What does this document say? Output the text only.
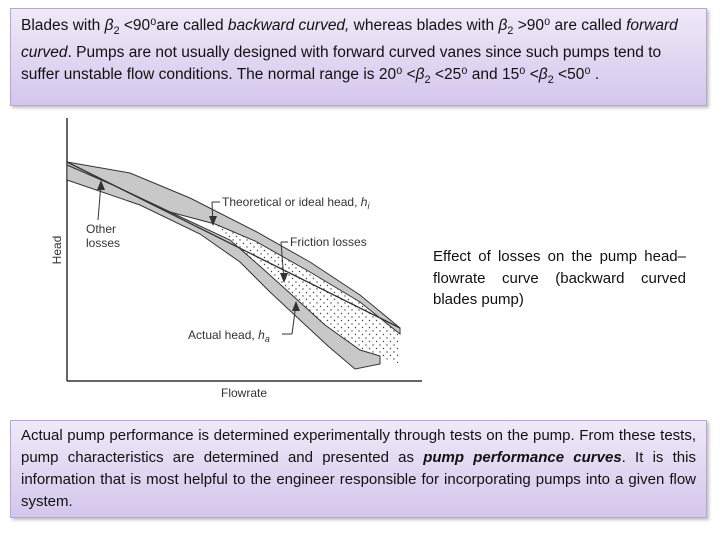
Blades with $\beta_2 <90^0are$ called backward curved, whereas blades with $\beta_2 >90^0$ are called forward curved. Pumps are not usually designed with forward curved vanes since such pumps tend to suffer unstable flow conditions. The normal range is $20^0 <\beta_2 <25^0$ and $15^0 <\beta_2 <50^0$ .
Head
Flowrate
Theoretical or ideal head, $h_i$
Friction losses
Other
losses
Actual head, $h_a$
Effect of losses on the pump head–flowrate curve (backward curved blades pump)
Actual pump performance is determined experimentally through tests on the pump. From these tests, pump characteristics are determined and presented as pump performance curves. It is this information that is most helpful to the engineer responsible for incorporating pumps into a given flow system.
